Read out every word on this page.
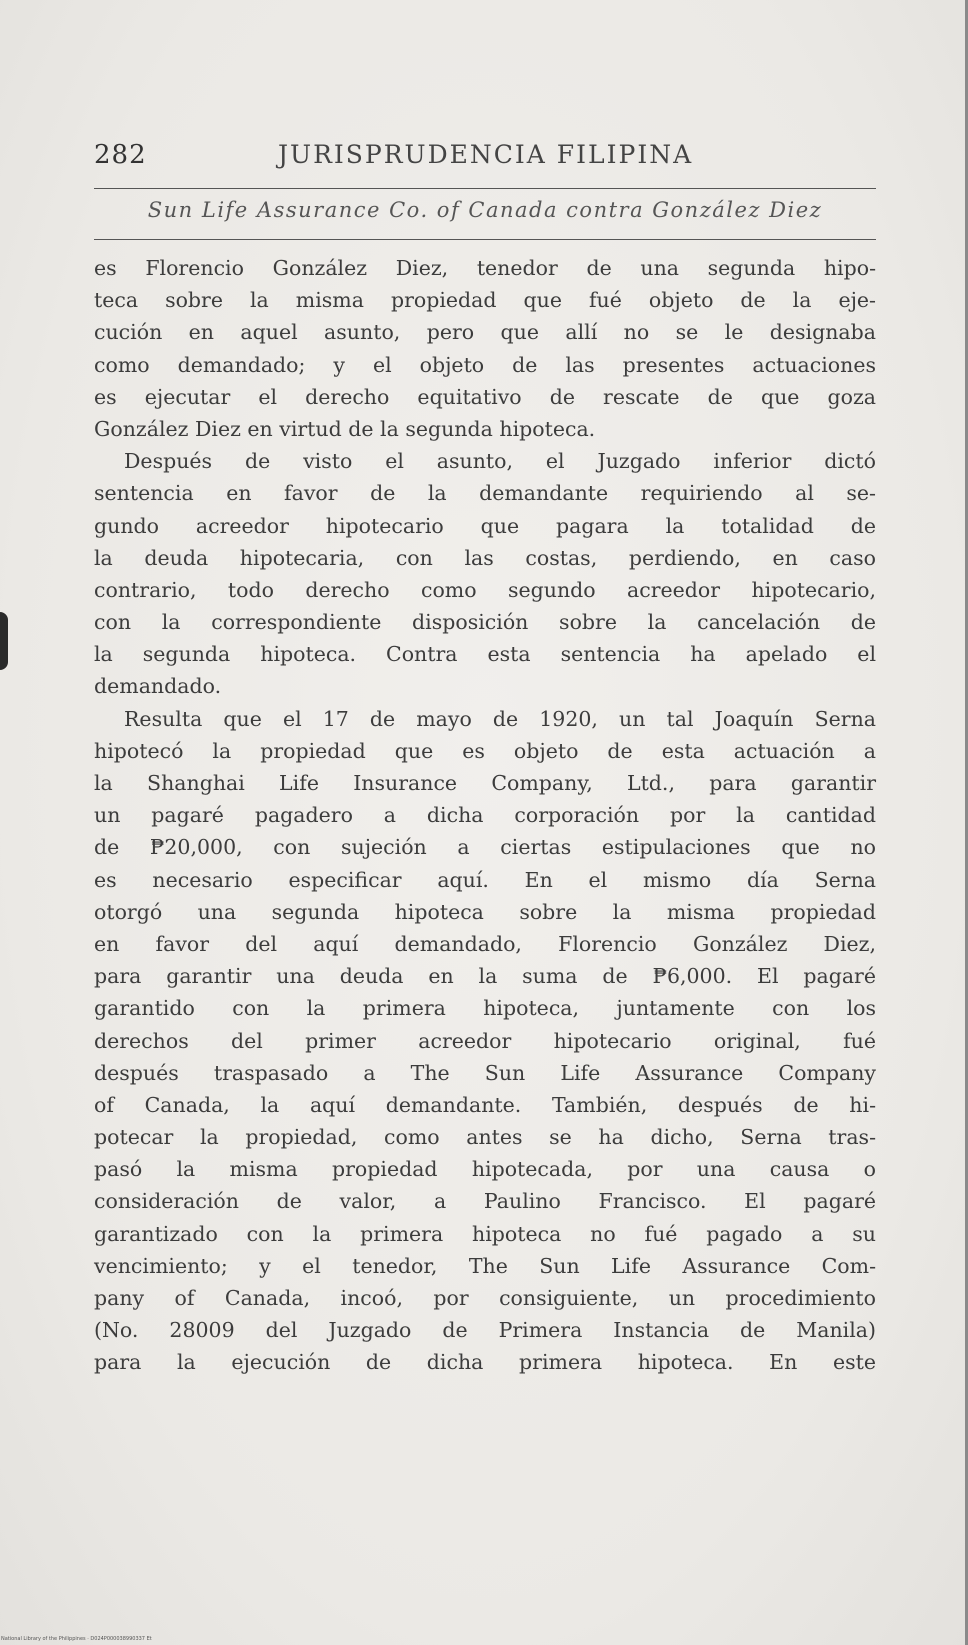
282	JURISPRUDENCIA FILIPINA
Sun Life Assurance Co. of Canada contra González Diez
es Florencio González Diez, tenedor de una segunda hipo-
teca sobre la misma propiedad que fué objeto de la eje-
cución en aquel asunto, pero que allí no se le designaba
como demandado; y el objeto de las presentes actuaciones
es ejecutar el derecho equitativo de rescate de que goza
González Diez en virtud de la segunda hipoteca.
Después de visto el asunto, el Juzgado inferior dictó
sentencia en favor de la demandante requiriendo al se-
gundo acreedor hipotecario que pagara la totalidad de
la deuda hipotecaria, con las costas, perdiendo, en caso
contrario, todo derecho como segundo acreedor hipotecario,
con la correspondiente disposición sobre la cancelación de
la segunda hipoteca. Contra esta sentencia ha apelado el
demandado.
Resulta que el 17 de mayo de 1920, un tal Joaquín Serna
hipotecó la propiedad que es objeto de esta actuación a
la Shanghai Life Insurance Company, Ltd., para garantir
un pagaré pagadero a dicha corporación por la cantidad
de ₱20,000, con sujeción a ciertas estipulaciones que no
es necesario especificar aquí. En el mismo día Serna
otorgó una segunda hipoteca sobre la misma propiedad
en favor del aquí demandado, Florencio González Diez,
para garantir una deuda en la suma de ₱6,000. El pagaré
garantido con la primera hipoteca, juntamente con los
derechos del primer acreedor hipotecario original, fué
después traspasado a The Sun Life Assurance Company
of Canada, la aquí demandante. También, después de hi-
potecar la propiedad, como antes se ha dicho, Serna tras-
pasó la misma propiedad hipotecada, por una causa o
consideración de valor, a Paulino Francisco. El pagaré
garantizado con la primera hipoteca no fué pagado a su
vencimiento; y el tenedor, The Sun Life Assurance Com-
pany of Canada, incoó, por consiguiente, un procedimiento
(No. 28009 del Juzgado de Primera Instancia de Manila)
para la ejecución de dicha primera hipoteca. En este
National Library of the Philippines · D024P000038990337 Et
